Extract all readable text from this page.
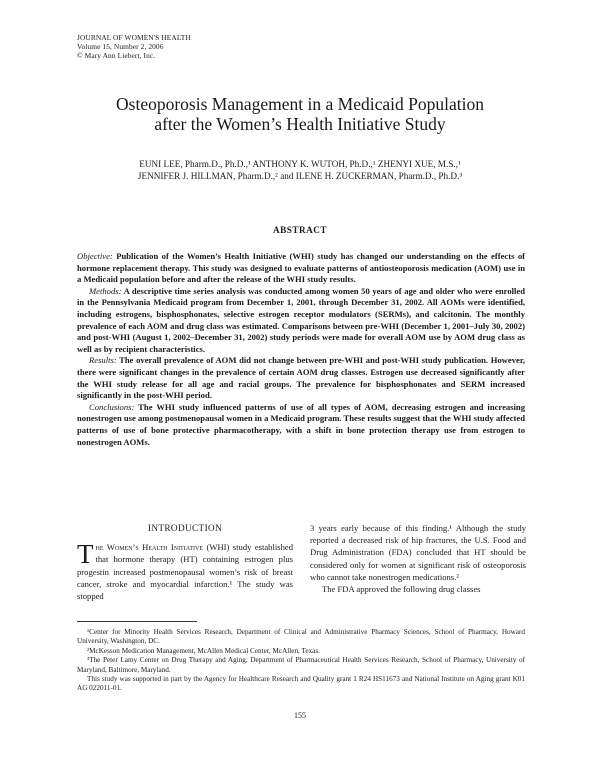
JOURNAL OF WOMEN'S HEALTH
Volume 15, Number 2, 2006
© Mary Ann Liebert, Inc.
Osteoporosis Management in a Medicaid Population
after the Women’s Health Initiative Study
EUNI LEE, Pharm.D., Ph.D.,¹ ANTHONY K. WUTOH, Ph.D.,¹ ZHENYI XUE, M.S.,¹
JENNIFER J. HILLMAN, Pharm.D.,² and ILENE H. ZUCKERMAN, Pharm.D., Ph.D.³
ABSTRACT

Objective: Publication of the Women’s Health Initiative (WHI) study has changed our understanding on the effects of hormone replacement therapy. This study was designed to evaluate patterns of antiosteoporosis medication (AOM) use in a Medicaid population before and after the release of the WHI study results.

Methods: A descriptive time series analysis was conducted among women 50 years of age and older who were enrolled in the Pennsylvania Medicaid program from December 1, 2001, through December 31, 2002. All AOMs were identified, including estrogens, bisphosphonates, selective estrogen receptor modulators (SERMs), and calcitonin. The monthly prevalence of each AOM and drug class was estimated. Comparisons between pre-WHI (December 1, 2001–July 30, 2002) and post-WHI (August 1, 2002–December 31, 2002) study periods were made for overall AOM use by AOM drug class as well as by recipient characteristics.

Results: The overall prevalence of AOM did not change between pre-WHI and post-WHI study publication. However, there were significant changes in the prevalence of certain AOM drug classes. Estrogen use decreased significantly after the WHI study release for all age and racial groups. The prevalence for bisphosphonates and SERM increased significantly in the post-WHI period.

Conclusions: The WHI study influenced patterns of use of all types of AOM, decreasing estrogen and increasing nonestrogen use among postmenopausal women in a Medicaid program. These results suggest that the WHI study affected patterns of use of bone protective pharmacotherapy, with a shift in bone protection therapy use from estrogen to nonestrogen AOMs.

INTRODUCTION

The Women’s Health Initiative (WHI) study established that hormone therapy (HT) containing estrogen plus progestin increased postmenopausal women’s risk of breast cancer, stroke and myocardial infarction.¹ The study was stopped

3 years early because of this finding.¹ Although the study reported a decreased risk of hip fractures, the U.S. Food and Drug Administration (FDA) concluded that HT should be considered only for women at significant risk of osteoporosis who cannot take nonestrogen medications.²

The FDA approved the following drug classes

¹Center for Minority Health Services Research, Department of Clinical and Administrative Pharmacy Sciences, School of Pharmacy, Howard University, Washington, DC.

²McKesson Medication Management, McAllen Medical Center, McAllen, Texas.

³The Peter Lamy Center on Drug Therapy and Aging, Department of Pharmaceutical Health Services Research, School of Pharmacy, University of Maryland, Baltimore, Maryland.

This study was supported in part by the Agency for Healthcare Research and Quality grant 1 R24 HS11673 and National Institute on Aging grant K01 AG 022011-01.

155
